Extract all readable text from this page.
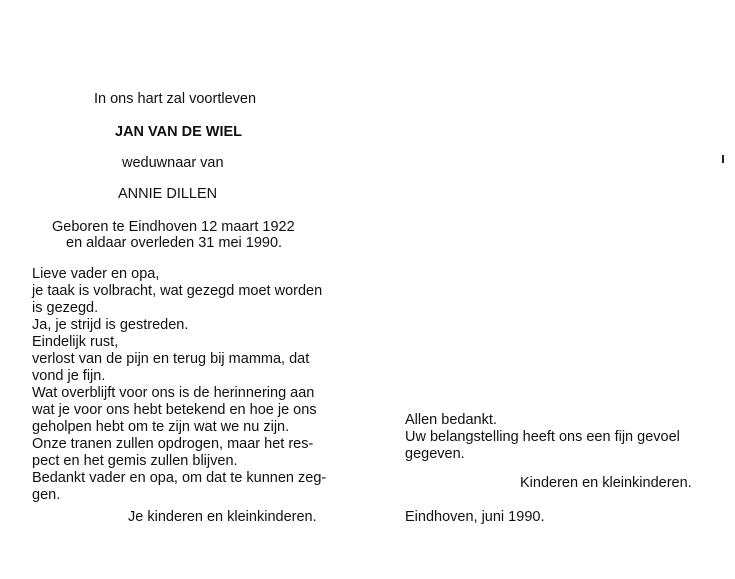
In ons hart zal voortleven
JAN VAN DE WIEL
weduwnaar van
ANNIE DILLEN
Geboren te Eindhoven 12 maart 1922
en aldaar overleden 31 mei 1990.
Lieve vader en opa,
je taak is volbracht, wat gezegd moet worden
is gezegd.
Ja, je strijd is gestreden.
Eindelijk rust,
verlost van de pijn en terug bij mamma, dat
vond je fijn.
Wat overblijft voor ons is de herinnering aan
wat je voor ons hebt betekend en hoe je ons
geholpen hebt om te zijn wat we nu zijn.
Onze tranen zullen opdrogen, maar het res-
pect en het gemis zullen blijven.
Bedankt vader en opa, om dat te kunnen zeg-
gen.
Je kinderen en kleinkinderen.
Allen bedankt.
Uw belangstelling heeft ons een fijn gevoel
gegeven.
Kinderen en kleinkinderen.
Eindhoven, juni 1990.
